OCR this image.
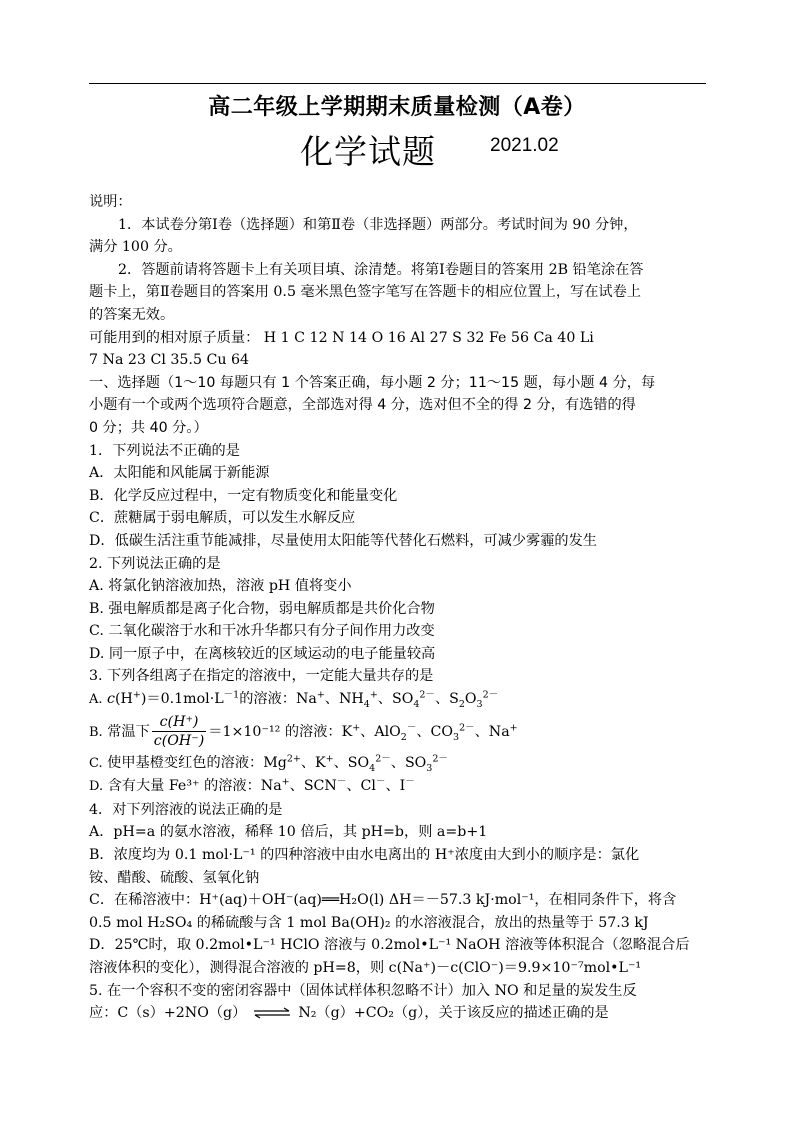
高二年级上学期期末质量检测（A卷）
化学试题	2021.02

说明：

1．本试卷分第Ⅰ卷（选择题）和第Ⅱ卷（非选择题）两部分。考试时间为 90 分钟，

满分 100 分。

2．答题前请将答题卡上有关项目填、涂清楚。将第Ⅰ卷题目的答案用 2B 铅笔涂在答

题卡上，第Ⅱ卷题目的答案用 0.5 毫米黑色签字笔写在答题卡的相应位置上，写在试卷上

的答案无效。

可能用到的相对原子质量： H 1 C 12 N 14 O 16 Al 27 S 32 Fe 56 Ca 40 Li

7 Na 23 Cl 35.5 Cu 64

一、选择题（1～10 每题只有 1 个答案正确，每小题 2 分；11～15 题，每小题 4 分，每

小题有一个或两个选项符合题意，全部选对得 4 分，选对但不全的得 2 分，有选错的得

0 分；共 40 分。）

1．下列说法不正确的是

A．太阳能和风能属于新能源

B．化学反应过程中，一定有物质变化和能量变化

C．蔗糖属于弱电解质，可以发生水解反应

D．低碳生活注重节能减排，尽量使用太阳能等代替化石燃料，可减少雾霾的发生

2. 下列说法正确的是

A. 将氯化钠溶液加热，溶液 pH 值将变小

B. 强电解质都是离子化合物，弱电解质都是共价化合物

C. 二氧化碳溶于水和干冰升华都只有分子间作用力改变

D. 同一原子中，在离核较近的区域运动的电子能量较高

3. 下列各组离子在指定的溶液中，一定能大量共存的是

A. $c(H^+)=0.1mol\cdot L^{-1}$的溶液：Na+、$NH_4^+$、$SO_4^{2-}$、$S_2O_3^{2-}$

B. 常温下 $\frac{c(H^+)}{c(OH^-)} =1\times 10^{-12}$ 的溶液：K+、AlO$_2$－、$CO_3^{2-}$、Na+

C. 使甲基橙变红色的溶液：$Mg^{2+}$、K+、$SO_4^{2-}$、$SO_3^{2-}$

D. 含有大量 Fe³⁺ 的溶液：Na+、SCN－、Cl－、I－

4．对下列溶液的说法正确的是

A．pH=a 的氨水溶液，稀释 10 倍后，其 pH=b，则 a=b+1

B．浓度均为 0.1 mol·L⁻¹ 的四种溶液中由水电离出的 H⁺浓度由大到小的顺序是：氯化

铵、醋酸、硫酸、氢氧化钠

C．在稀溶液中：H⁺(aq)＋OH⁻(aq)══H₂O(l) ΔH＝－57.3 kJ·mol⁻¹，在相同条件下，将含

0.5 mol H₂SO₄ 的稀硫酸与含 1 mol Ba(OH)₂ 的水溶液混合，放出的热量等于 57.3 kJ

D．25℃时，取 0.2mol•L⁻¹ HClO 溶液与 0.2mol•L⁻¹ NaOH 溶液等体积混合（忽略混合后

溶液体积的变化），测得混合溶液的 pH=8，则 c(Na⁺)－c(ClO⁻)＝9.9×10⁻⁷mol•L⁻¹

5. 在一个容积不变的密闭容器中（固体试样体积忽略不计）加入 NO 和足量的炭发生反

应：C（s）+2NO（g） ⇌ N₂（g）+CO₂（g），关于该反应的描述正确的是
